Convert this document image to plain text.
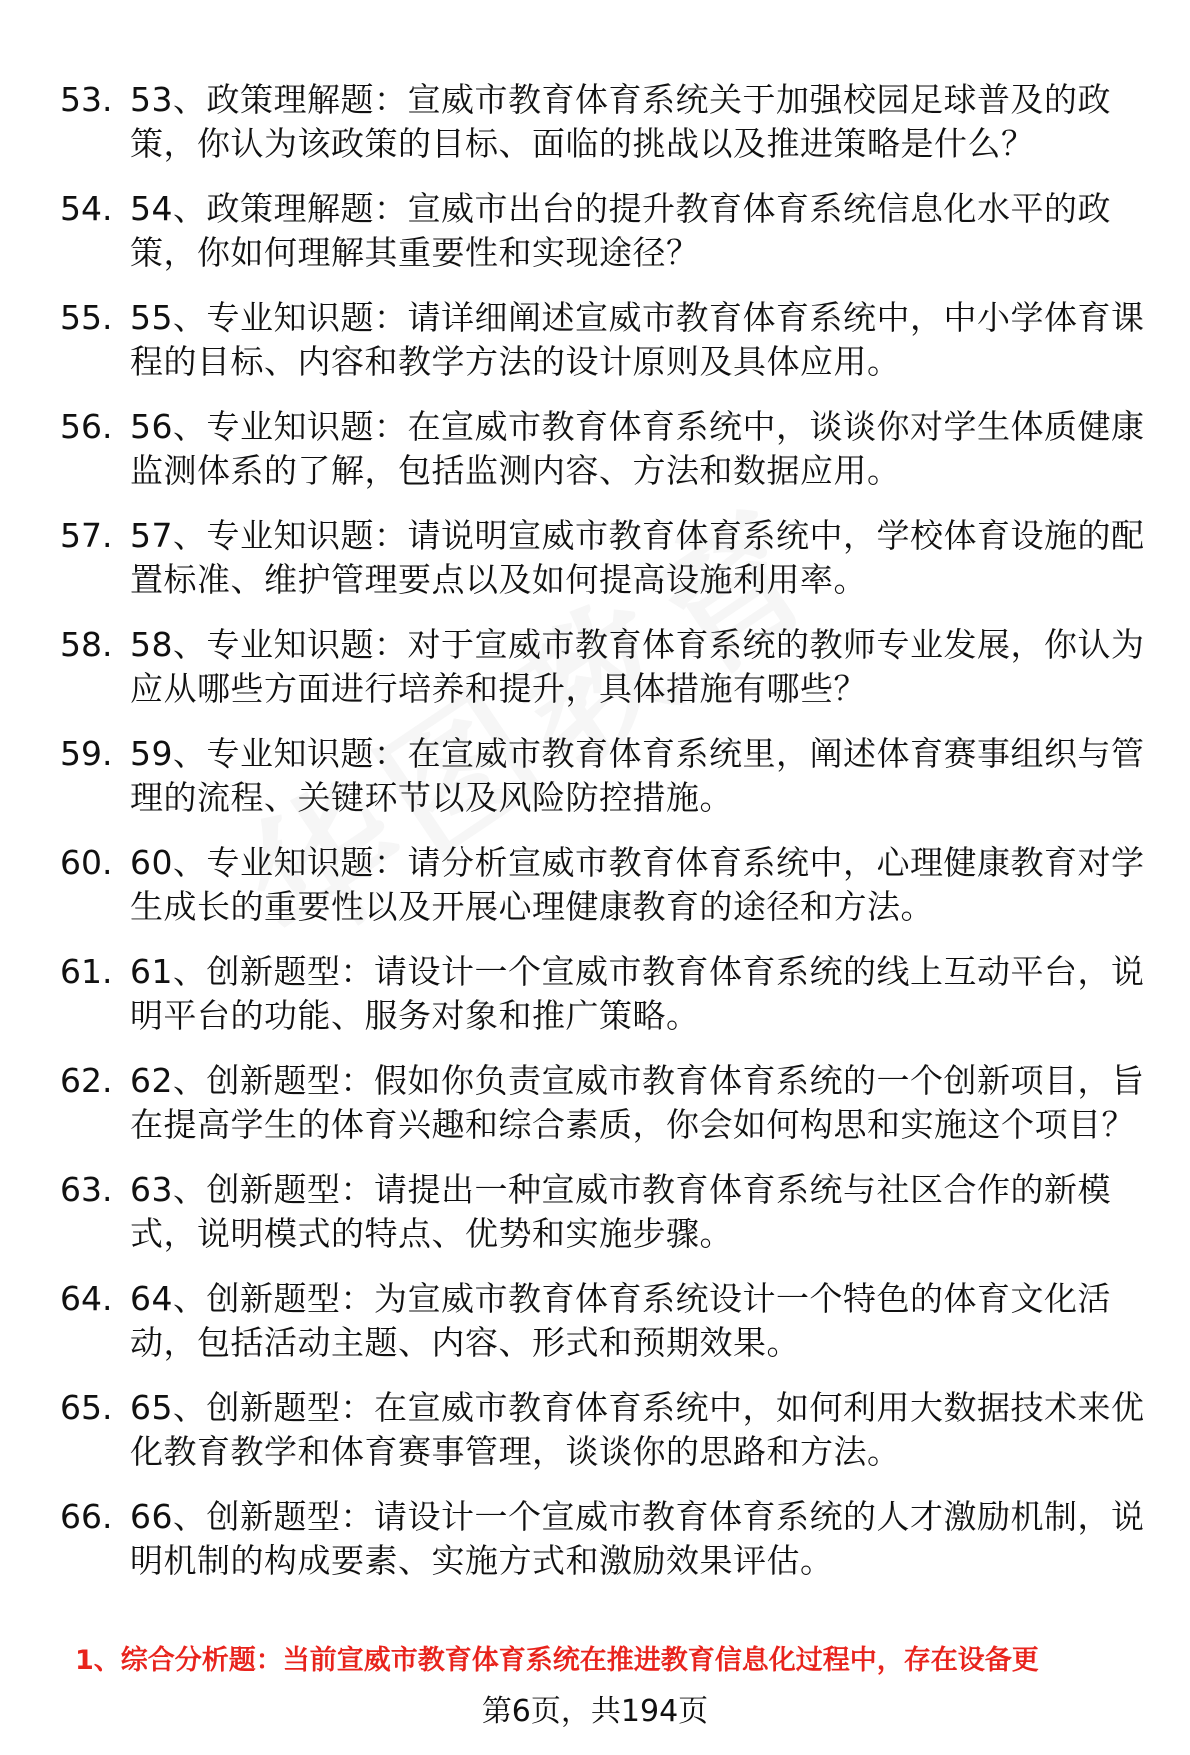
53. 53、政策理解题：宣威市教育体育系统关于加强校园足球普及的政策，你认为该政策的目标、面临的挑战以及推进策略是什么？
54. 54、政策理解题：宣威市出台的提升教育体育系统信息化水平的政策，你如何理解其重要性和实现途径？
55. 55、专业知识题：请详细阐述宣威市教育体育系统中，中小学体育课程的目标、内容和教学方法的设计原则及具体应用。
56. 56、专业知识题：在宣威市教育体育系统中，谈谈你对学生体质健康监测体系的了解，包括监测内容、方法和数据应用。
57. 57、专业知识题：请说明宣威市教育体育系统中，学校体育设施的配置标准、维护管理要点以及如何提高设施利用率。
58. 58、专业知识题：对于宣威市教育体育系统的教师专业发展，你认为应从哪些方面进行培养和提升，具体措施有哪些？
59. 59、专业知识题：在宣威市教育体育系统里，阐述体育赛事组织与管理的流程、关键环节以及风险防控措施。
60. 60、专业知识题：请分析宣威市教育体育系统中，心理健康教育对学生成长的重要性以及开展心理健康教育的途径和方法。
61. 61、创新题型：请设计一个宣威市教育体育系统的线上互动平台，说明平台的功能、服务对象和推广策略。
62. 62、创新题型：假如你负责宣威市教育体育系统的一个创新项目，旨在提高学生的体育兴趣和综合素质，你会如何构思和实施这个项目？
63. 63、创新题型：请提出一种宣威市教育体育系统与社区合作的新模式，说明模式的特点、优势和实施步骤。
64. 64、创新题型：为宣威市教育体育系统设计一个特色的体育文化活动，包括活动主题、内容、形式和预期效果。
65. 65、创新题型：在宣威市教育体育系统中，如何利用大数据技术来优化教育教学和体育赛事管理，谈谈你的思路和方法。
66. 66、创新题型：请设计一个宣威市教育体育系统的人才激励机制，说明机制的构成要素、实施方式和激励效果评估。
1、综合分析题：当前宣威市教育体育系统在推进教育信息化过程中，存在设备更
第6页，共194页
